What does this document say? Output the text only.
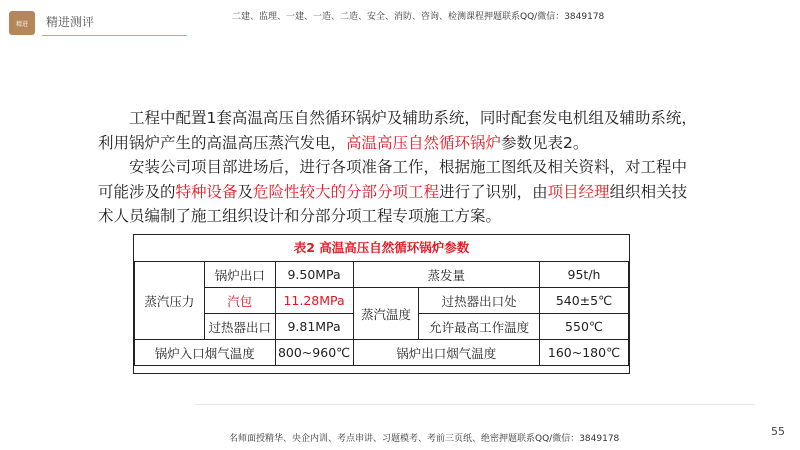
精进 精进测评	二建、监理、一建、一造、二造、安全、消防、咨询、检测课程押题联系QQ/微信：3849178
工程中配置1套高温高压自然循环锅炉及辅助系统，同时配套发电机组及辅助系统，利用锅炉产生的高温高压蒸汽发电，高温高压自然循环锅炉参数见表2。
安装公司项目部进场后，进行各项准备工作，根据施工图纸及相关资料，对工程中可能涉及的特种设备及危险性较大的分部分项工程进行了识别，由项目经理组织相关技术人员编制了施工组织设计和分部分项工程专项施工方案。
表2 高温高压自然循环锅炉参数
蒸汽压力	锅炉出口	9.50MPa	蒸发量		95t/h
	汽包	11.28MPa	蒸汽温度	过热器出口处	540±5℃
	过热器出口	9.81MPa		允许最高工作温度	550℃
锅炉入口烟气温度		800~960℃	锅炉出口烟气温度		160~180℃
55
名师面授精华、央企内训、考点串讲、习题模考、考前三页纸、绝密押题联系QQ/微信：3849178
